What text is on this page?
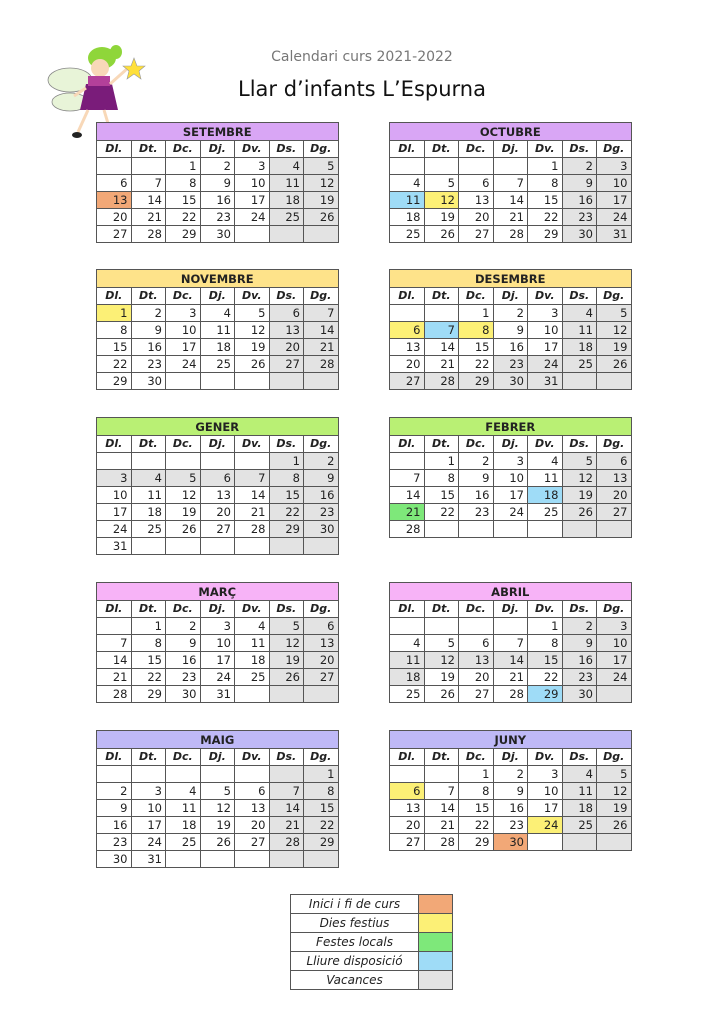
Calendari curs 2021-2022
Llar d’infants L’Espurna
SETEMBRE						
Dl.	Dt.	Dc.	Dj.	Dv.	Ds.	Dg.
		1	2	3	4	5
6	7	8	9	10	11	12
13	14	15	16	17	18	19
20	21	22	23	24	25	26
27	28	29	30			
OCTUBRE						
Dl.	Dt.	Dc.	Dj.	Dv.	Ds.	Dg.
				1	2	3
4	5	6	7	8	9	10
11	12	13	14	15	16	17
18	19	20	21	22	23	24
25	26	27	28	29	30	31
NOVEMBRE						
Dl.	Dt.	Dc.	Dj.	Dv.	Ds.	Dg.
1	2	3	4	5	6	7
8	9	10	11	12	13	14
15	16	17	18	19	20	21
22	23	24	25	26	27	28
29	30					
DESEMBRE						
Dl.	Dt.	Dc.	Dj.	Dv.	Ds.	Dg.
		1	2	3	4	5
6	7	8	9	10	11	12
13	14	15	16	17	18	19
20	21	22	23	24	25	26
27	28	29	30	31		
GENER						
Dl.	Dt.	Dc.	Dj.	Dv.	Ds.	Dg.
					1	2
3	4	5	6	7	8	9
10	11	12	13	14	15	16
17	18	19	20	21	22	23
24	25	26	27	28	29	30
31						
FEBRER						
Dl.	Dt.	Dc.	Dj.	Dv.	Ds.	Dg.
	1	2	3	4	5	6
7	8	9	10	11	12	13
14	15	16	17	18	19	20
21	22	23	24	25	26	27
28						
MARÇ						
Dl.	Dt.	Dc.	Dj.	Dv.	Ds.	Dg.
	1	2	3	4	5	6
7	8	9	10	11	12	13
14	15	16	17	18	19	20
21	22	23	24	25	26	27
28	29	30	31			
ABRIL						
Dl.	Dt.	Dc.	Dj.	Dv.	Ds.	Dg.
				1	2	3
4	5	6	7	8	9	10
11	12	13	14	15	16	17
18	19	20	21	22	23	24
25	26	27	28	29	30	
MAIG						
Dl.	Dt.	Dc.	Dj.	Dv.	Ds.	Dg.
						1
2	3	4	5	6	7	8
9	10	11	12	13	14	15
16	17	18	19	20	21	22
23	24	25	26	27	28	29
30	31					
JUNY						
Dl.	Dt.	Dc.	Dj.	Dv.	Ds.	Dg.
		1	2	3	4	5
6	7	8	9	10	11	12
13	14	15	16	17	18	19
20	21	22	23	24	25	26
27	28	29	30			
Inici i fi de curs	
Dies festius	
Festes locals	
Lliure disposició	
Vacances	
